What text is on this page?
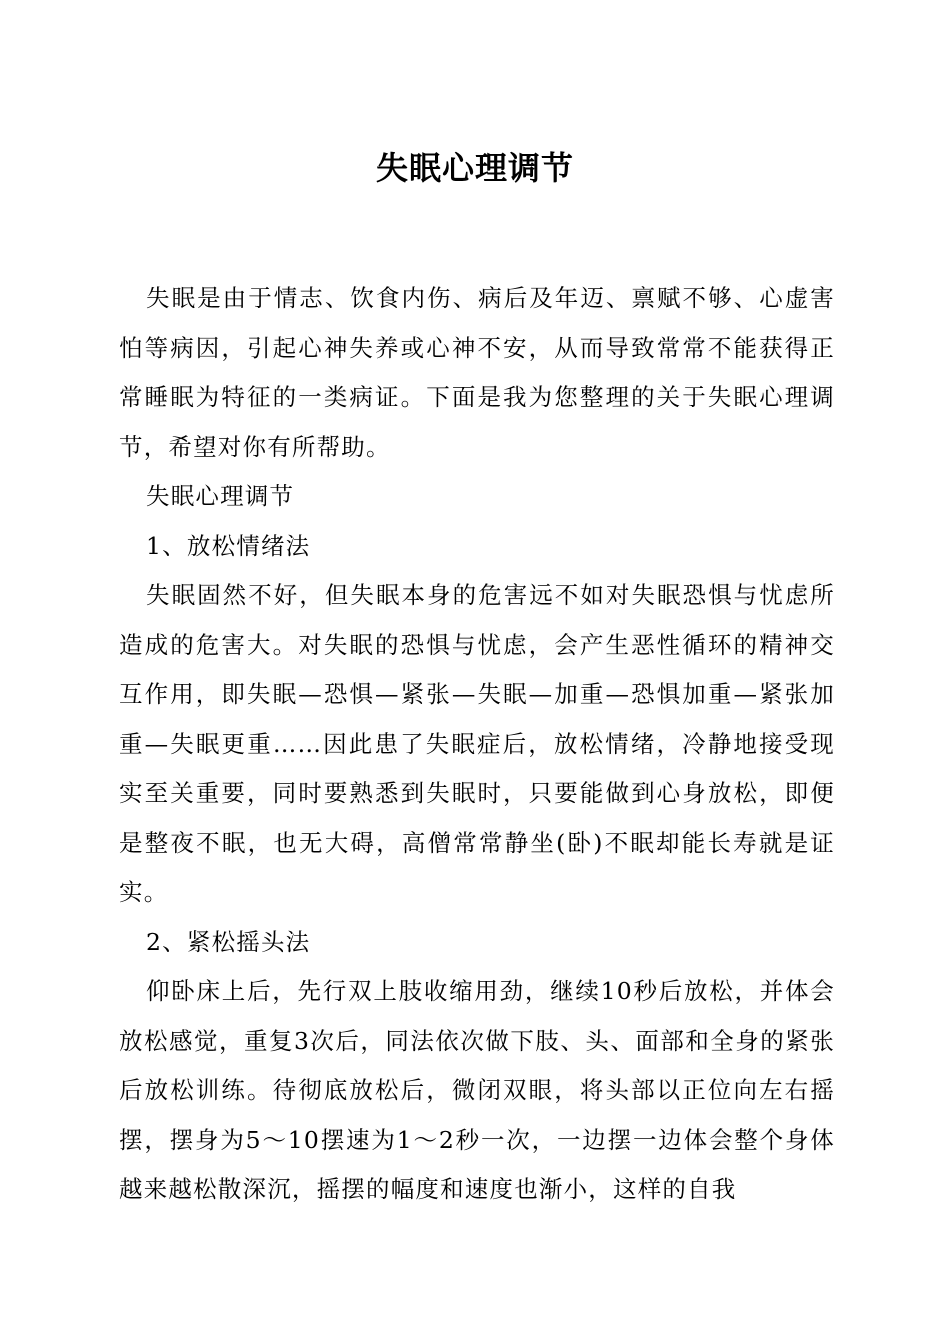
失眠心理调节

失眠是由于情志、饮食内伤、病后及年迈、禀赋不够、心虚害怕等病因，引起心神失养或心神不安，从而导致常常不能获得正常睡眠为特征的一类病证。下面是我为您整理的关于失眠心理调节，希望对你有所帮助。

失眠心理调节

1、放松情绪法

失眠固然不好，但失眠本身的危害远不如对失眠恐惧与忧虑所造成的危害大。对失眠的恐惧与忧虑，会产生恶性循环的精神交互作用，即失眠—恐惧—紧张—失眠—加重—恐惧加重—紧张加重—失眠更重……因此患了失眠症后，放松情绪，冷静地接受现实至关重要，同时要熟悉到失眠时，只要能做到心身放松，即便是整夜不眠，也无大碍，高僧常常静坐(卧)不眠却能长寿就是证实。

2、紧松摇头法

仰卧床上后，先行双上肢收缩用劲，继续10秒后放松，并体会放松感觉，重复3次后，同法依次做下肢、头、面部和全身的紧张后放松训练。待彻底放松后，微闭双眼，将头部以正位向左右摇摆，摆身为5～10摆速为1～2秒一次，一边摆一边体会整个身体越来越松散深沉，摇摆的幅度和速度也渐小，这样的自我
